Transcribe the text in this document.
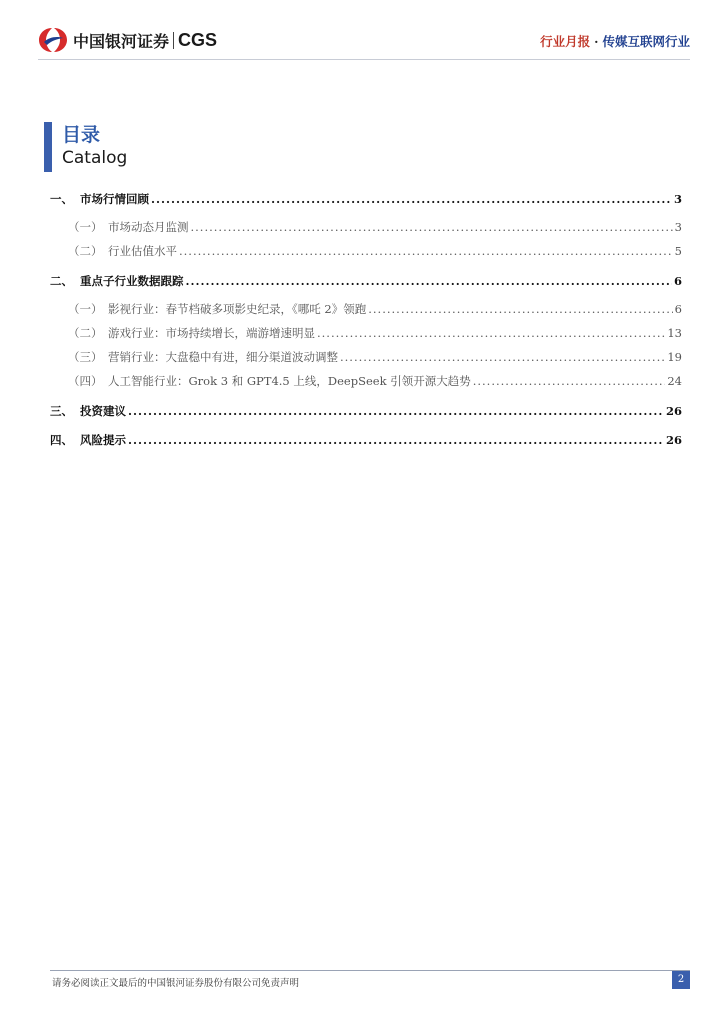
中国银河证券 CGS	行业月报 · 传媒互联网行业
目录
Catalog
一、 市场行情回顾 .....	3
（一） 市场动态月监测 .....	3
（二） 行业估值水平 .....	5
二、 重点子行业数据跟踪 .....	6
（一） 影视行业：春节档破多项影史纪录，《哪吒 2》领跑 .....	6
（二） 游戏行业：市场持续增长，端游增速明显 .....	13
（三） 营销行业：大盘稳中有进，细分渠道波动调整 .....	19
（四） 人工智能行业：Grok 3 和 GPT4.5 上线，DeepSeek 引领开源大趋势 .....	24
三、 投资建议 .....	26
四、 风险提示 .....	26
请务必阅读正文最后的中国银河证券股份有限公司免责声明	2
